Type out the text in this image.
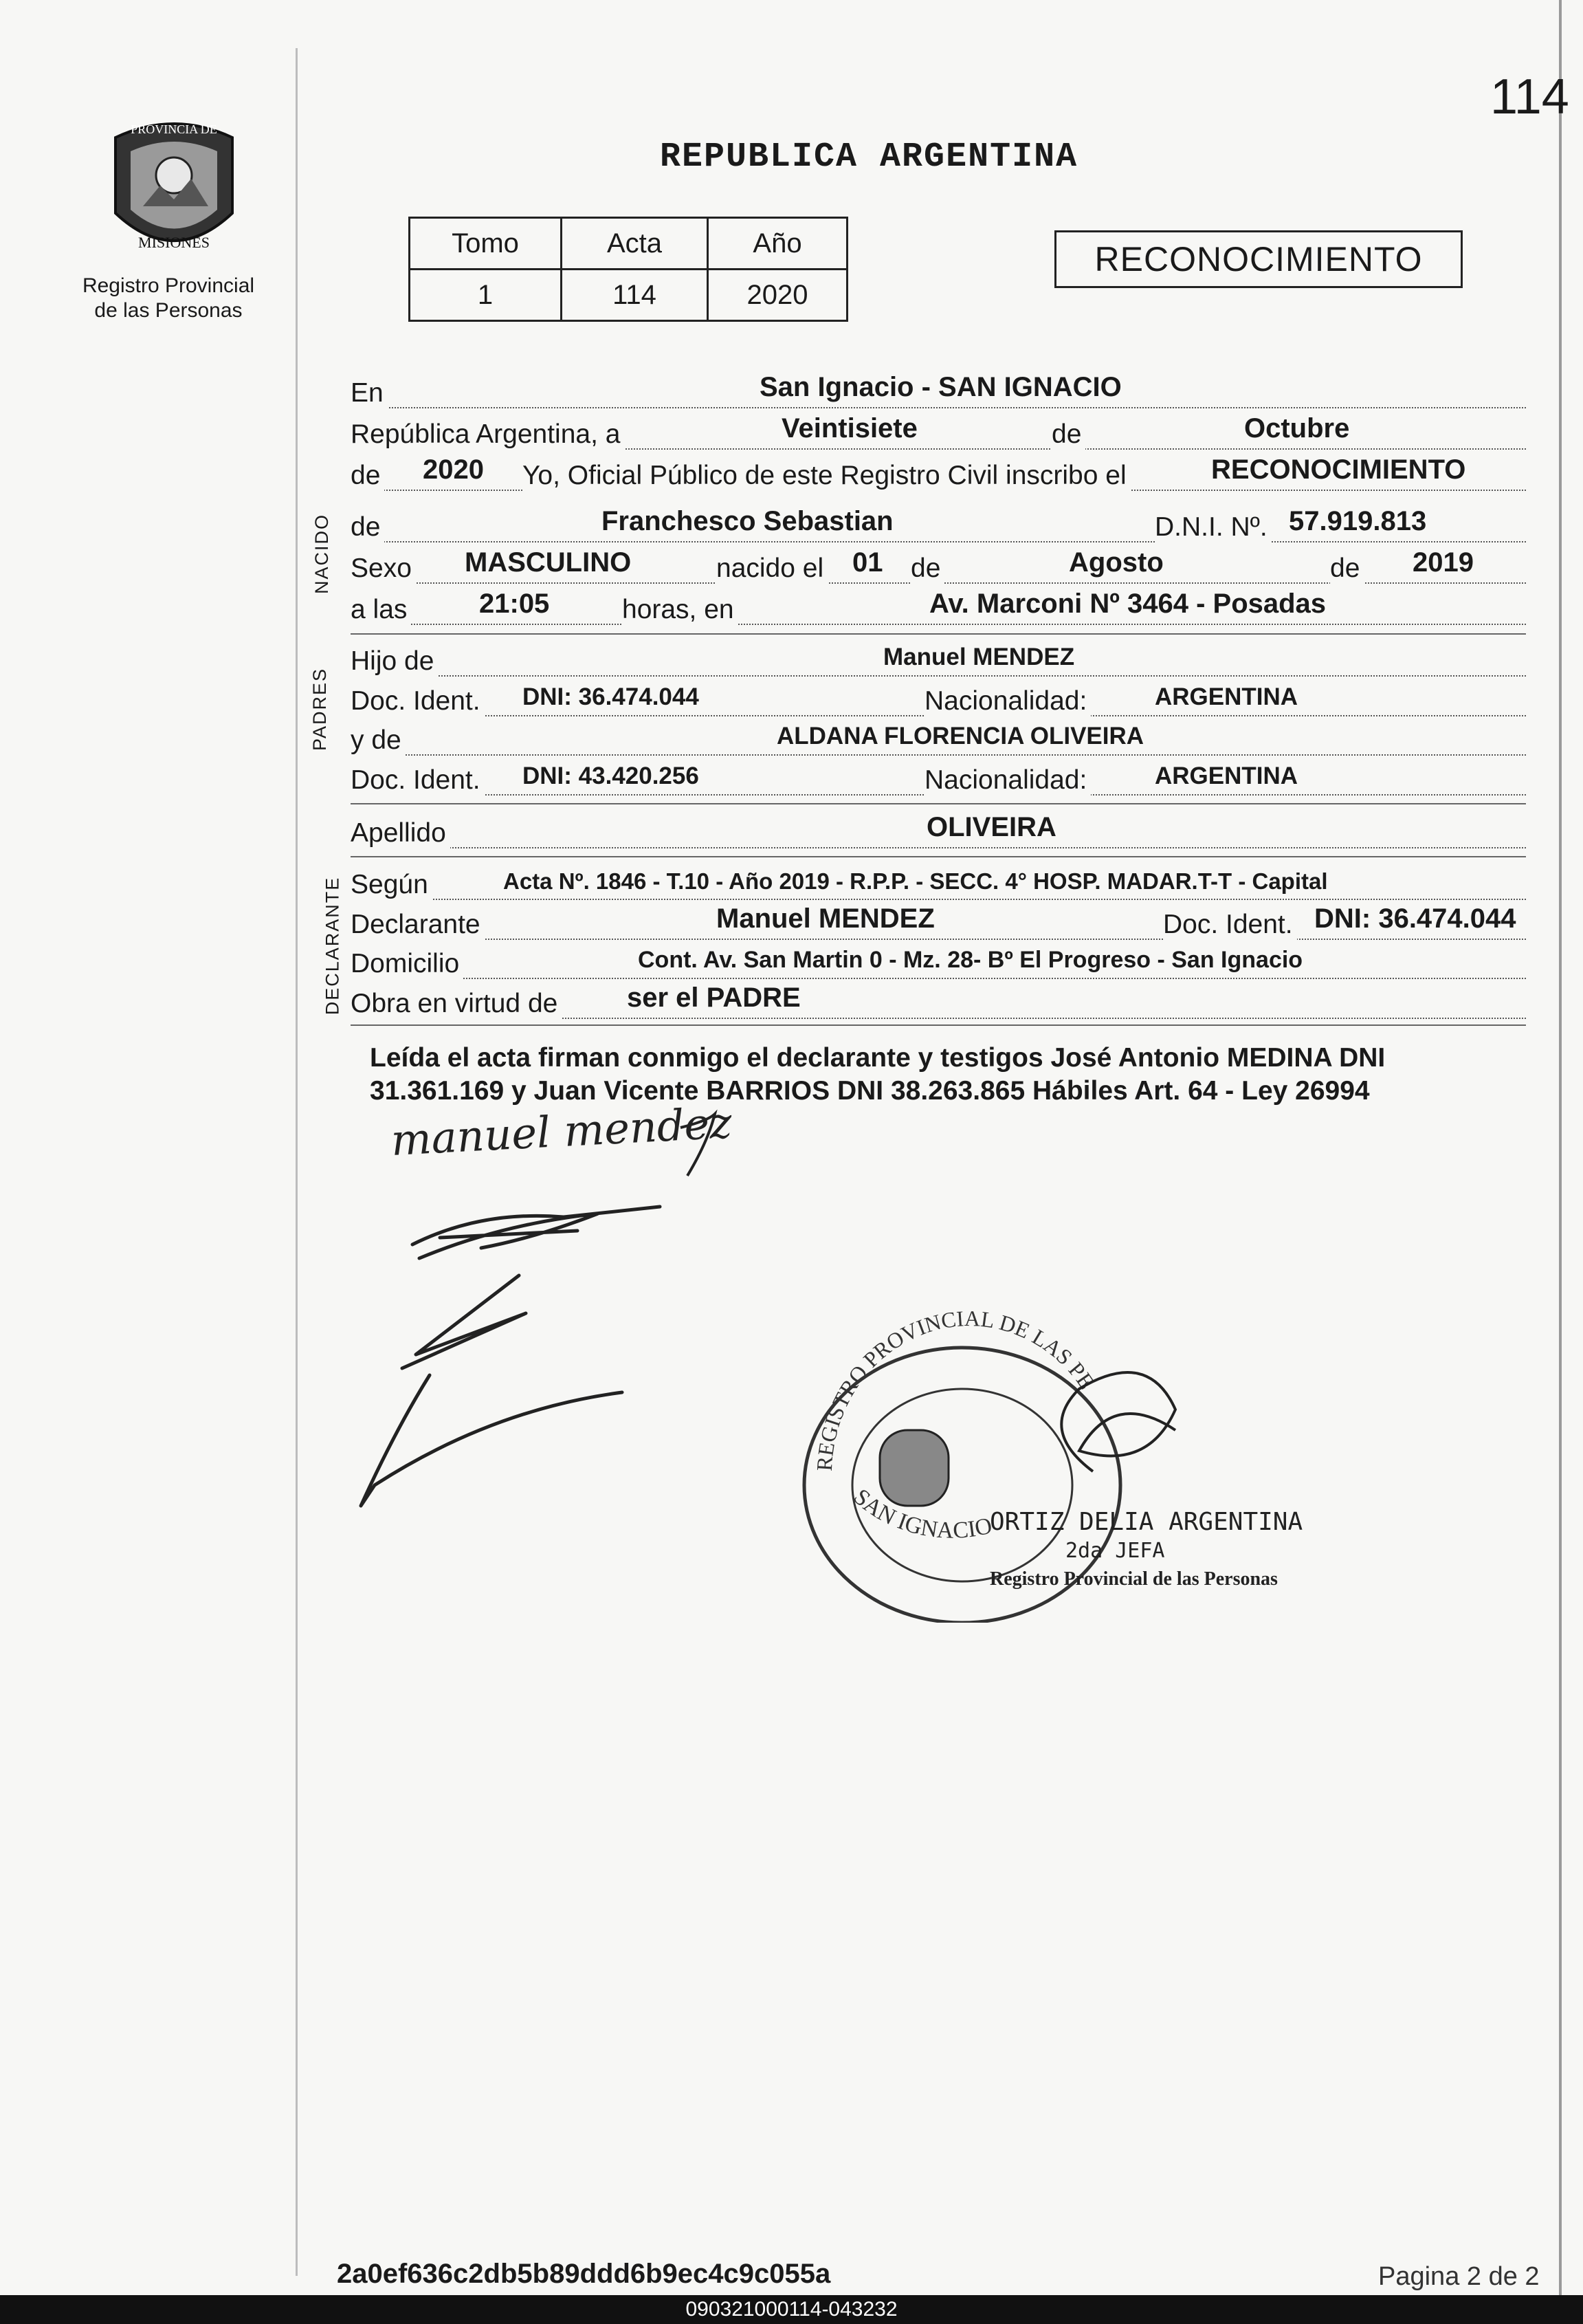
114
PROVINCIA DE
MISIONES
Registro Provincial
de las Personas
REPUBLICA ARGENTINA
Tomo	Acta	Año
1	114	2020
RECONOCIMIENTO
NACIDO
PADRES
DECLARANTE
En	San Ignacio - SAN IGNACIO
República Argentina, a	Veintisiete	de	Octubre
de 2020 Yo, Oficial Público de este Registro Civil inscribo el	RECONOCIMIENTO
de	Franchesco Sebastian	D.N.I. Nº. 57.919.813
Sexo MASCULINO	nacido el 01 de	Agosto	de 2019
a las	21:05	horas, en	Av. Marconi Nº 3464 - Posadas
Hijo de	Manuel MENDEZ
Doc. Ident. DNI: 36.474.044	Nacionalidad:	ARGENTINA
y de	ALDANA FLORENCIA OLIVEIRA
Doc. Ident. DNI: 43.420.256	Nacionalidad:	ARGENTINA
Apellido	OLIVEIRA
Según	Acta Nº. 1846 - T.10 - Año 2019 - R.P.P. - SECC. 4° HOSP. MADAR.T-T - Capital
Declarante	Manuel MENDEZ	Doc. Ident. DNI: 36.474.044
Domicilio	Cont. Av. San Martin 0 - Mz. 28- Bº El Progreso - San Ignacio
Obra en virtud de	ser el PADRE
Leída el acta firman conmigo el declarante y testigos José Antonio MEDINA DNI 31.361.169 y Juan Vicente BARRIOS DNI 38.263.865 Hábiles Art. 64 - Ley 26994
manuel mendez
REGISTRO PROVINCIAL DE LAS PE
SAN IGNACIO
ORTIZ DELIA ARGENTINA
2da JEFA
Registro Provincial de las Personas
2a0ef636c2db5b89ddd6b9ec4c9c055a	Pagina 2 de 2
090321000114-043232
